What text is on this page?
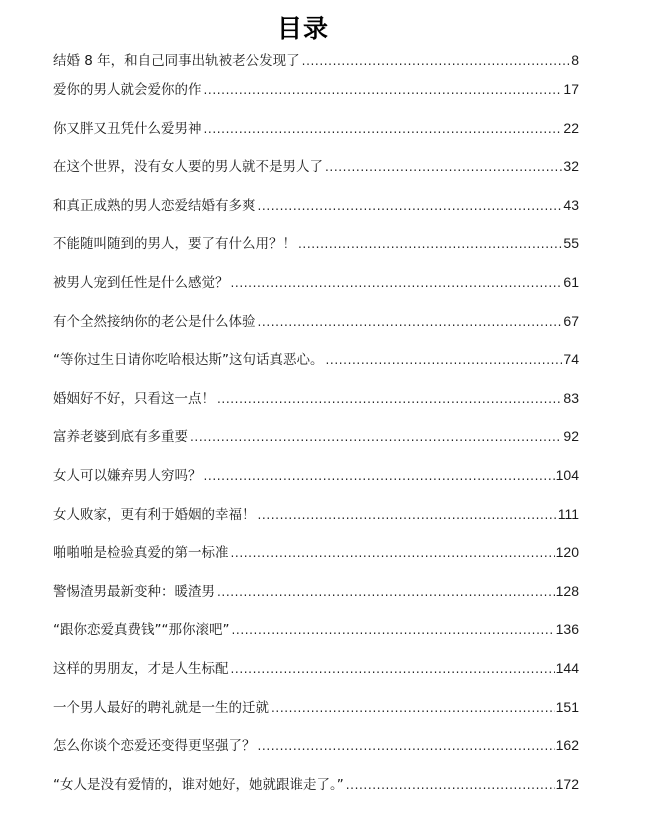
目录
结婚 8 年，和自己同事出轨被老公发现了 .....	8
爱你的男人就会爱你的作 .....	17
你又胖又丑凭什么爱男神 .....	22
在这个世界，没有女人要的男人就不是男人了 .....	32
和真正成熟的男人恋爱结婚有多爽 .....	43
不能随叫随到的男人，要了有什么用？！ .....	55
被男人宠到任性是什么感觉？ .....	61
有个全然接纳你的老公是什么体验 .....	67
“等你过生日请你吃哈根达斯”这句话真恶心。 .....	74
婚姻好不好，只看这一点！ .....	83
富养老婆到底有多重要 .....	92
女人可以嫌弃男人穷吗？ .....	104
女人败家，更有利于婚姻的幸福！ .....	111
啪啪啪是检验真爱的第一标准 .....	120
警惕渣男最新变种：暖渣男 .....	128
“跟你恋爱真费钱”“那你滚吧” .....	136
这样的男朋友，才是人生标配 .....	144
一个男人最好的聘礼就是一生的迁就 .....	151
怎么你谈个恋爱还变得更坚强了？ .....	162
“女人是没有爱情的，谁对她好，她就跟谁走了。” .....	172
